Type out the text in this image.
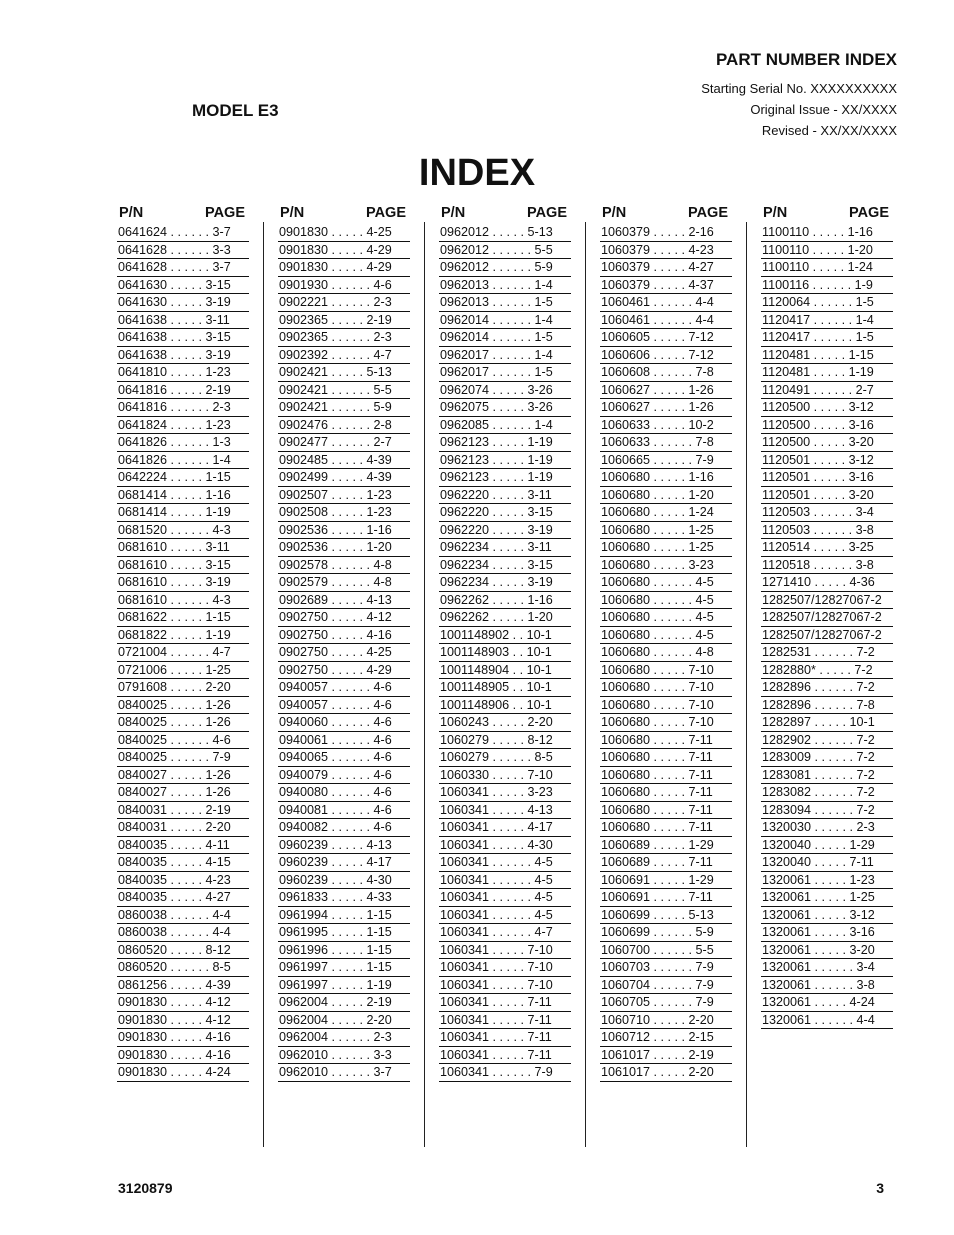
PART NUMBER INDEX
Starting Serial No. XXXXXXXXXX
Original Issue - XX/XXXX
Revised - XX/XX/XXXX
MODEL E3
INDEX
P/N	PAGE
0641624 . . . . . . 3-7
0641628 . . . . . . 3-3
0641628 . . . . . . 3-7
0641630 . . . . . 3-15
0641630 . . . . . 3-19
0641638 . . . . . 3-11
0641638 . . . . . 3-15
0641638 . . . . . 3-19
0641810 . . . . . 1-23
0641816 . . . . . 2-19
0641816 . . . . . . 2-3
0641824 . . . . . 1-23
0641826 . . . . . . 1-3
0641826 . . . . . . 1-4
0642224 . . . . . 1-15
0681414 . . . . . 1-16
0681414 . . . . . 1-19
0681520 . . . . . . 4-3
0681610 . . . . . 3-11
0681610 . . . . . 3-15
0681610 . . . . . 3-19
0681610 . . . . . . 4-3
0681622 . . . . . 1-15
0681822 . . . . . 1-19
0721004 . . . . . . 4-7
0721006 . . . . . 1-25
0791608 . . . . . 2-20
0840025 . . . . . 1-26
0840025 . . . . . 1-26
0840025 . . . . . . 4-6
0840025 . . . . . . 7-9
0840027 . . . . . 1-26
0840027 . . . . . 1-26
0840031 . . . . . 2-19
0840031 . . . . . 2-20
0840035 . . . . . 4-11
0840035 . . . . . 4-15
0840035 . . . . . 4-23
0840035 . . . . . 4-27
0860038 . . . . . . 4-4
0860038 . . . . . . 4-4
0860520 . . . . . 8-12
0860520 . . . . . . 8-5
0861256 . . . . . 4-39
0901830 . . . . . 4-12
0901830 . . . . . 4-12
0901830 . . . . . 4-16
0901830 . . . . . 4-16
0901830 . . . . . 4-24
P/N	PAGE
0901830 . . . . . 4-25
0901830 . . . . . 4-29
0901830 . . . . . 4-29
0901930 . . . . . . 4-6
0902221 . . . . . . 2-3
0902365 . . . . . 2-19
0902365 . . . . . . 2-3
0902392 . . . . . . 4-7
0902421 . . . . . 5-13
0902421 . . . . . . 5-5
0902421 . . . . . . 5-9
0902476 . . . . . . 2-8
0902477 . . . . . . 2-7
0902485 . . . . . 4-39
0902499 . . . . . 4-39
0902507 . . . . . 1-23
0902508 . . . . . 1-23
0902536 . . . . . 1-16
0902536 . . . . . 1-20
0902578 . . . . . . 4-8
0902579 . . . . . . 4-8
0902689 . . . . . 4-13
0902750 . . . . . 4-12
0902750 . . . . . 4-16
0902750 . . . . . 4-25
0902750 . . . . . 4-29
0940057 . . . . . . 4-6
0940057 . . . . . . 4-6
0940060 . . . . . . 4-6
0940061 . . . . . . 4-6
0940065 . . . . . . 4-6
0940079 . . . . . . 4-6
0940080 . . . . . . 4-6
0940081 . . . . . . 4-6
0940082 . . . . . . 4-6
0960239 . . . . . 4-13
0960239 . . . . . 4-17
0960239 . . . . . 4-30
0961833 . . . . . 4-33
0961994 . . . . . 1-15
0961995 . . . . . 1-15
0961996 . . . . . 1-15
0961997 . . . . . 1-15
0961997 . . . . . 1-19
0962004 . . . . . 2-19
0962004 . . . . . 2-20
0962004 . . . . . . 2-3
0962010 . . . . . . 3-3
0962010 . . . . . . 3-7
P/N	PAGE
0962012 . . . . . 5-13
0962012 . . . . . . 5-5
0962012 . . . . . . 5-9
0962013 . . . . . . 1-4
0962013 . . . . . . 1-5
0962014 . . . . . . 1-4
0962014 . . . . . . 1-5
0962017 . . . . . . 1-4
0962017 . . . . . . 1-5
0962074 . . . . . 3-26
0962075 . . . . . 3-26
0962085 . . . . . . 1-4
0962123 . . . . . 1-19
0962123 . . . . . 1-19
0962123 . . . . . 1-19
0962220 . . . . . 3-11
0962220 . . . . . 3-15
0962220 . . . . . 3-19
0962234 . . . . . 3-11
0962234 . . . . . 3-15
0962234 . . . . . 3-19
0962262 . . . . . 1-16
0962262 . . . . . 1-20
1001148902 . . 10-1
1001148903 . . 10-1
1001148904 . . 10-1
1001148905 . . 10-1
1001148906 . . 10-1
1060243 . . . . . 2-20
1060279 . . . . . 8-12
1060279 . . . . . . 8-5
1060330 . . . . . 7-10
1060341 . . . . . 3-23
1060341 . . . . . 4-13
1060341 . . . . . 4-17
1060341 . . . . . 4-30
1060341 . . . . . . 4-5
1060341 . . . . . . 4-5
1060341 . . . . . . 4-5
1060341 . . . . . . 4-5
1060341 . . . . . . 4-7
1060341 . . . . . 7-10
1060341 . . . . . 7-10
1060341 . . . . . 7-10
1060341 . . . . . 7-11
1060341 . . . . . 7-11
1060341 . . . . . 7-11
1060341 . . . . . 7-11
1060341 . . . . . . 7-9
P/N	PAGE
1060379 . . . . . 2-16
1060379 . . . . . 4-23
1060379 . . . . . 4-27
1060379 . . . . . 4-37
1060461 . . . . . . 4-4
1060461 . . . . . . 4-4
1060605 . . . . . 7-12
1060606 . . . . . 7-12
1060608 . . . . . . 7-8
1060627 . . . . . 1-26
1060627 . . . . . 1-26
1060633 . . . . . 10-2
1060633 . . . . . . 7-8
1060665 . . . . . . 7-9
1060680 . . . . . 1-16
1060680 . . . . . 1-20
1060680 . . . . . 1-24
1060680 . . . . . 1-25
1060680 . . . . . 1-25
1060680 . . . . . 3-23
1060680 . . . . . . 4-5
1060680 . . . . . . 4-5
1060680 . . . . . . 4-5
1060680 . . . . . . 4-5
1060680 . . . . . . 4-8
1060680 . . . . . 7-10
1060680 . . . . . 7-10
1060680 . . . . . 7-10
1060680 . . . . . 7-10
1060680 . . . . . 7-11
1060680 . . . . . 7-11
1060680 . . . . . 7-11
1060680 . . . . . 7-11
1060680 . . . . . 7-11
1060680 . . . . . 7-11
1060689 . . . . . 1-29
1060689 . . . . . 7-11
1060691 . . . . . 1-29
1060691 . . . . . 7-11
1060699 . . . . . 5-13
1060699 . . . . . . 5-9
1060700 . . . . . . 5-5
1060703 . . . . . . 7-9
1060704 . . . . . . 7-9
1060705 . . . . . . 7-9
1060710 . . . . . 2-20
1060712 . . . . . 2-15
1061017 . . . . . 2-19
1061017 . . . . . 2-20
P/N	PAGE
1100110 . . . . . 1-16
1100110 . . . . . 1-20
1100110 . . . . . 1-24
1100116 . . . . . . 1-9
1120064 . . . . . . 1-5
1120417 . . . . . . 1-4
1120417 . . . . . . 1-5
1120481 . . . . . 1-15
1120481 . . . . . 1-19
1120491 . . . . . . 2-7
1120500 . . . . . 3-12
1120500 . . . . . 3-16
1120500 . . . . . 3-20
1120501 . . . . . 3-12
1120501 . . . . . 3-16
1120501 . . . . . 3-20
1120503 . . . . . . 3-4
1120503 . . . . . . 3-8
1120514 . . . . . 3-25
1120518 . . . . . . 3-8
1271410 . . . . . 4-36
1282507/12827067-2
1282507/12827067-2
1282507/12827067-2
1282531 . . . . . . 7-2
1282880* . . . . . 7-2
1282896 . . . . . . 7-2
1282896 . . . . . . 7-8
1282897 . . . . . 10-1
1282902 . . . . . . 7-2
1283009 . . . . . . 7-2
1283081 . . . . . . 7-2
1283082 . . . . . . 7-2
1283094 . . . . . . 7-2
1320030 . . . . . . 2-3
1320040 . . . . . 1-29
1320040 . . . . . 7-11
1320061 . . . . . 1-23
1320061 . . . . . 1-25
1320061 . . . . . 3-12
1320061 . . . . . 3-16
1320061 . . . . . 3-20
1320061 . . . . . . 3-4
1320061 . . . . . . 3-8
1320061 . . . . . 4-24
1320061 . . . . . . 4-4
3120879	3
